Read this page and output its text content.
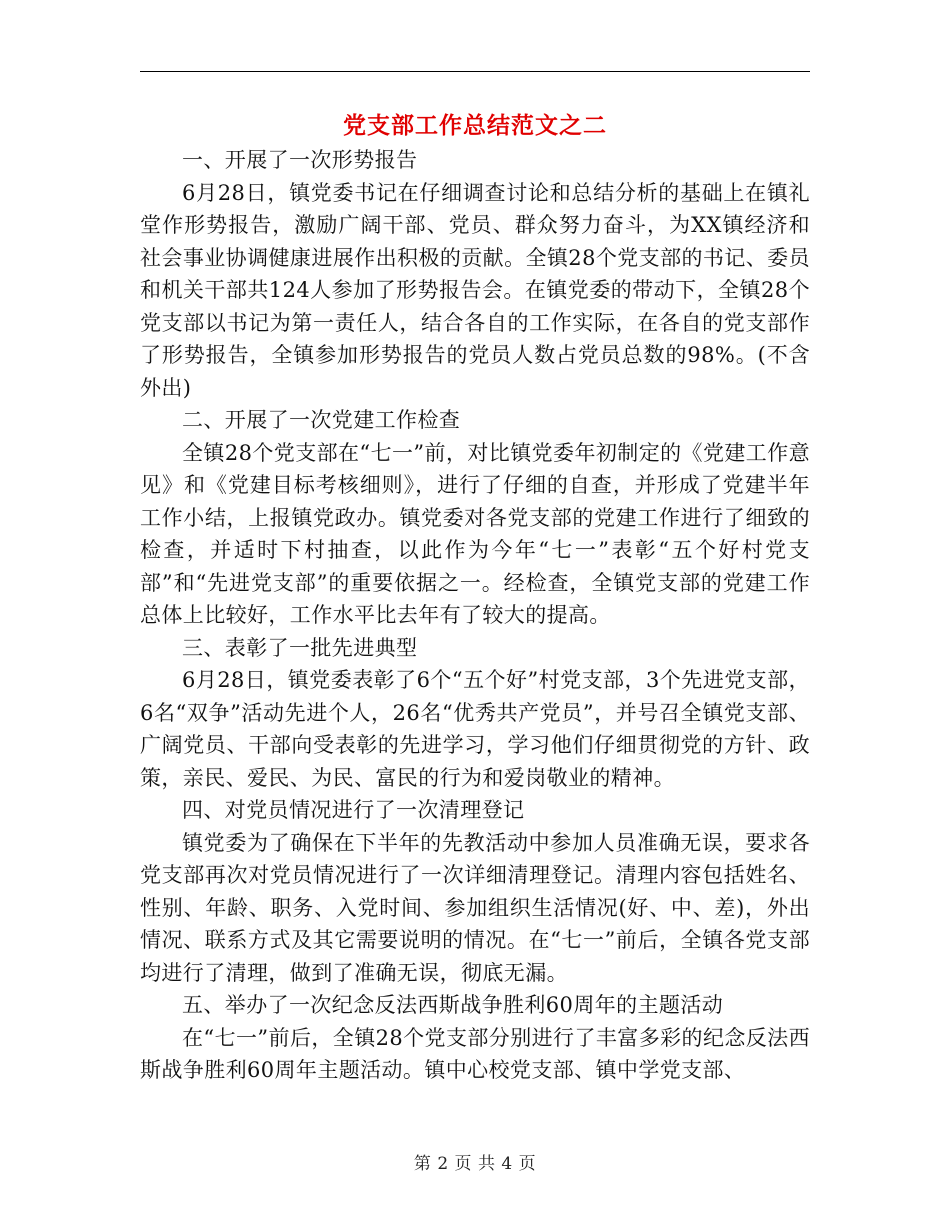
党支部工作总结范文之二

一、开展了一次形势报告

6月28日，镇党委书记在仔细调查讨论和总结分析的基础上在镇礼堂作形势报告，激励广阔干部、党员、群众努力奋斗，为XX镇经济和社会事业协调健康进展作出积极的贡献。全镇28个党支部的书记、委员和机关干部共124人参加了形势报告会。在镇党委的带动下，全镇28个党支部以书记为第一责任人，结合各自的工作实际，在各自的党支部作了形势报告，全镇参加形势报告的党员人数占党员总数的98%。(不含外出)

二、开展了一次党建工作检查

全镇28个党支部在“七一”前，对比镇党委年初制定的《党建工作意见》和《党建目标考核细则》，进行了仔细的自查，并形成了党建半年工作小结，上报镇党政办。镇党委对各党支部的党建工作进行了细致的检查，并适时下村抽查，以此作为今年“七一”表彰“五个好村党支部”和“先进党支部”的重要依据之一。经检查，全镇党支部的党建工作总体上比较好，工作水平比去年有了较大的提高。

三、表彰了一批先进典型

6月28日，镇党委表彰了6个“五个好”村党支部，3个先进党支部，6名“双争”活动先进个人，26名“优秀共产党员”，并号召全镇党支部、广阔党员、干部向受表彰的先进学习，学习他们仔细贯彻党的方针、政策，亲民、爱民、为民、富民的行为和爱岗敬业的精神。

四、对党员情况进行了一次清理登记

镇党委为了确保在下半年的先教活动中参加人员准确无误，要求各党支部再次对党员情况进行了一次详细清理登记。清理内容包括姓名、性别、年龄、职务、入党时间、参加组织生活情况(好、中、差)，外出情况、联系方式及其它需要说明的情况。在“七一”前后，全镇各党支部均进行了清理，做到了准确无误，彻底无漏。

五、举办了一次纪念反法西斯战争胜利60周年的主题活动

在“七一”前后，全镇28个党支部分别进行了丰富多彩的纪念反法西斯战争胜利60周年主题活动。镇中心校党支部、镇中学党支部、

第 2 页 共 4 页
